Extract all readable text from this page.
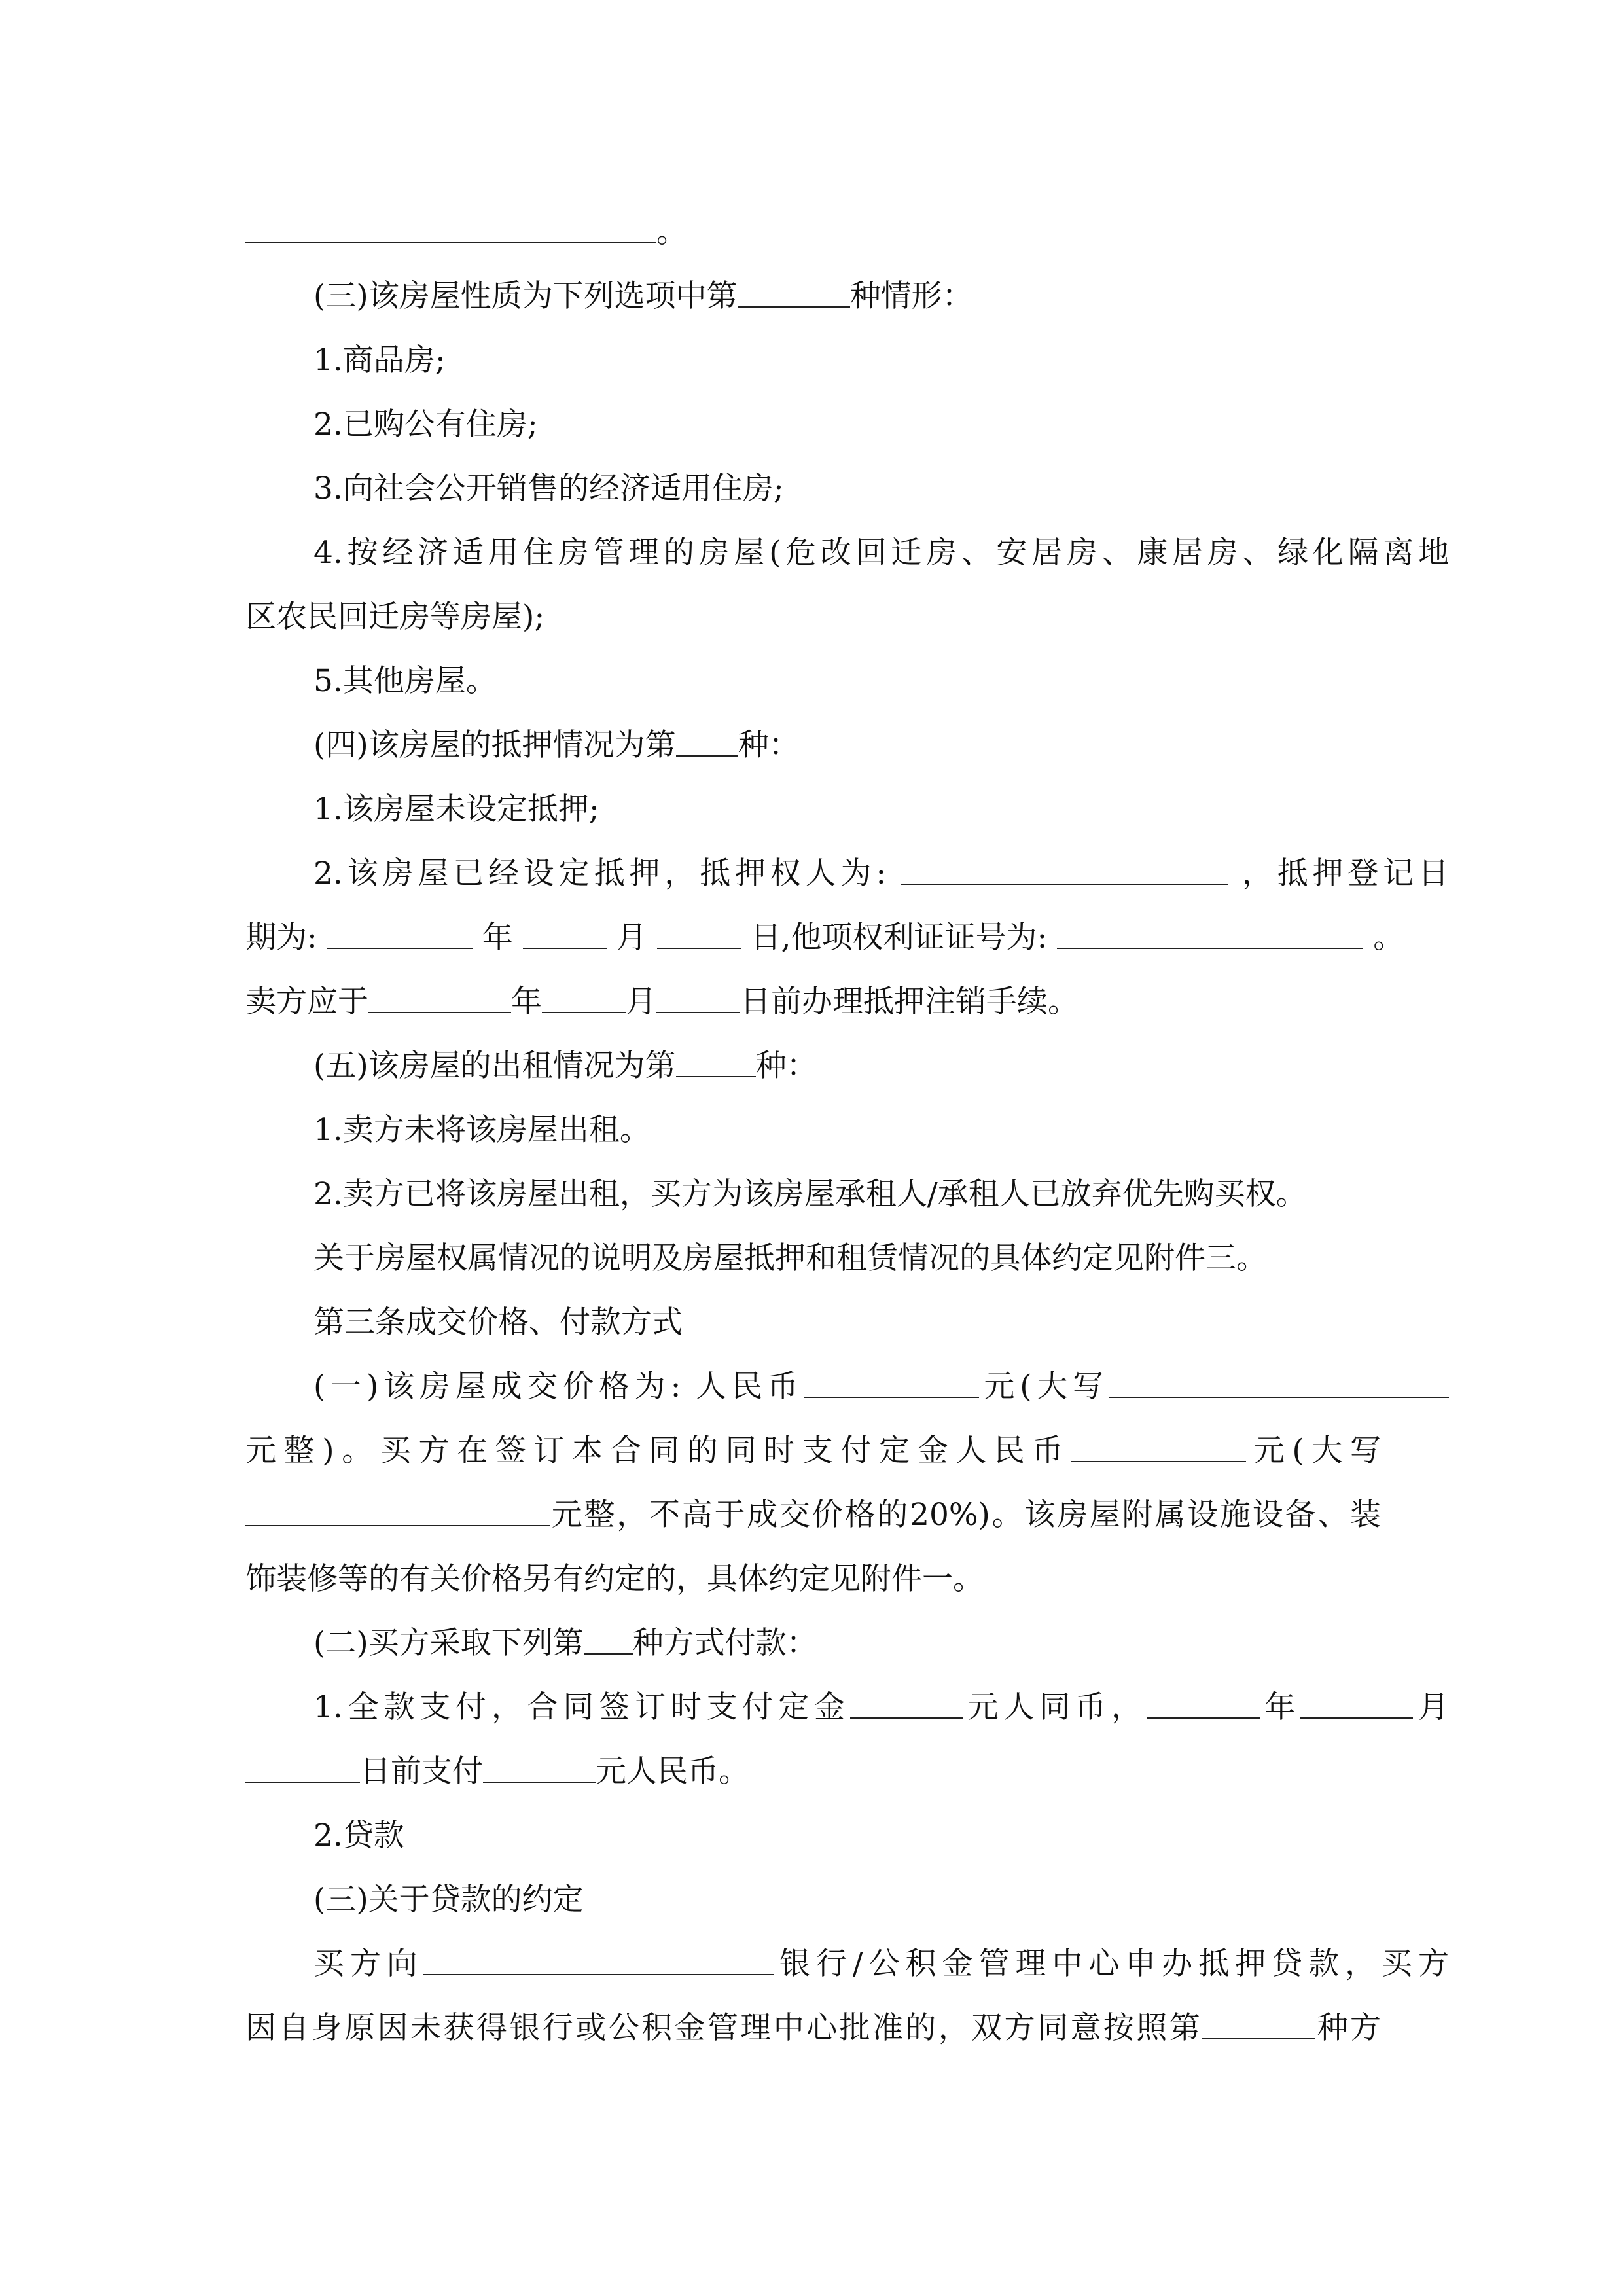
。
(三)该房屋性质为下列选项中第	种情形：
1.商品房;
2.已购公有住房;
3.向社会公开销售的经济适用住房;
4.按经济适用住房管理的房屋(危改回迁房、安居房、康居房、绿化隔离地
区农民回迁房等房屋);
5.其他房屋。
(四)该房屋的抵押情况为第 种：
1.该房屋未设定抵押;
2.该房屋已经设定抵押，抵押权人为:	，抵押登记日
期为:	年	月	日,他项权利证证号为:	。
卖方应于	年	月	日前办理抵押注销手续。
(五)该房屋的出租情况为第	种：
1.卖方未将该房屋出租。
2.卖方已将该房屋出租，买方为该房屋承租人/承租人已放弃优先购买权。
关于房屋权属情况的说明及房屋抵押和租赁情况的具体约定见附件三。
第三条成交价格、付款方式
(一)该房屋成交价格为: 人民币	元(大写
元整)。买方在签订本合同的同时支付定金人民币	元(大写
元整，不高于成交价格的20%)。该房屋附属设施设备、装
饰装修等的有关价格另有约定的，具体约定见附件一。
(二)买方采取下列第 种方式付款：
1.全款支付，合同签订时支付定金	元人同币，	年	月
日前支付	元人民币。
2.贷款
(三)关于贷款的约定
买方向	银行/公积金管理中心申办抵押贷款，买方
因自身原因未获得银行或公积金管理中心批准的，双方同意按照第	种方
